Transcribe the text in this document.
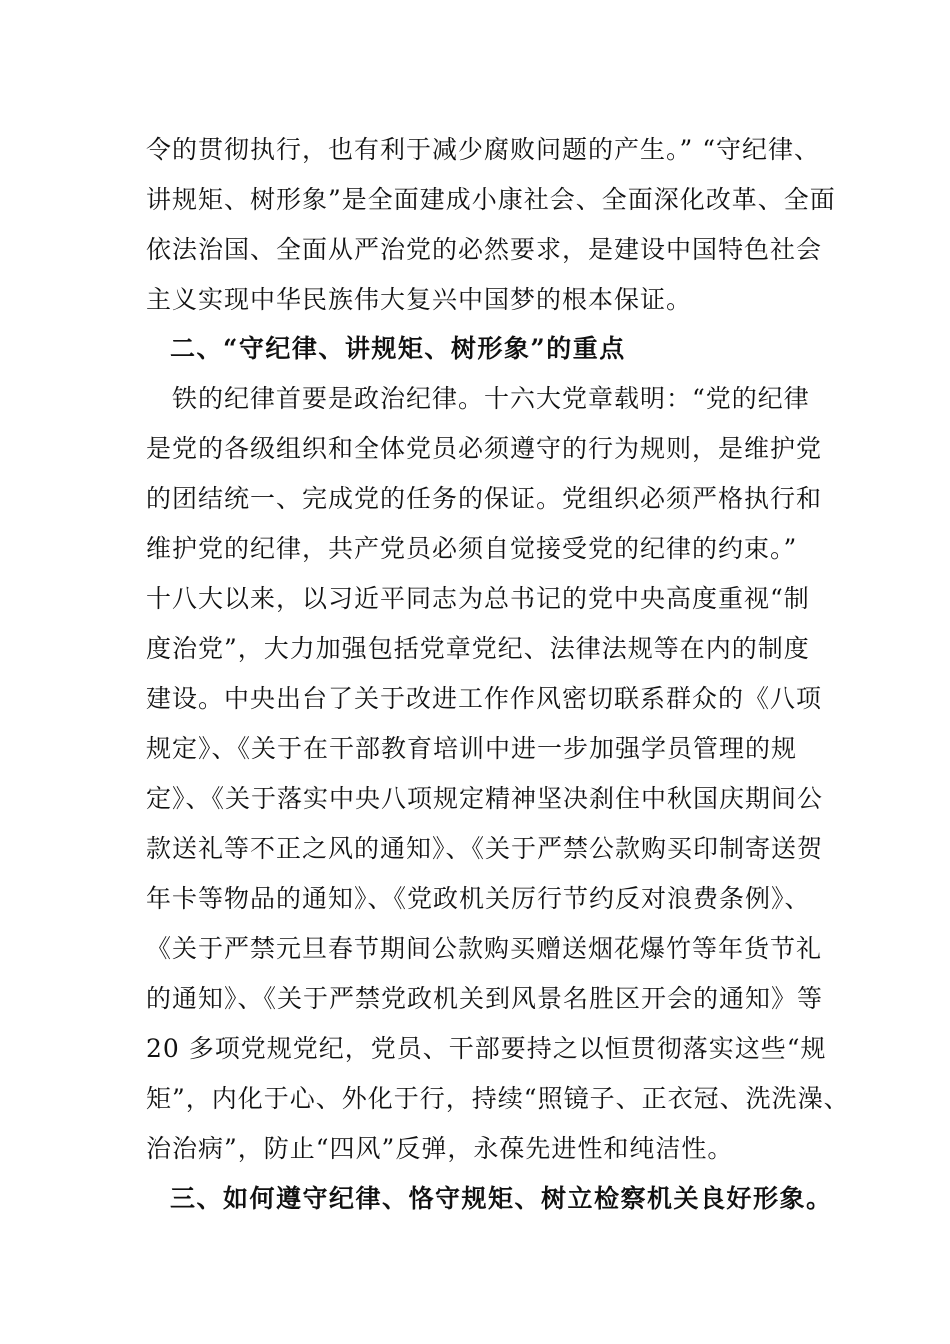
令的贯彻执行，也有利于减少腐败问题的产生。” “守纪律、
讲规矩、树形象”是全面建成小康社会、全面深化改革、全面
依法治国、全面从严治党的必然要求，是建设中国特色社会
主义实现中华民族伟大复兴中国梦的根本保证。
二、“守纪律、讲规矩、树形象”的重点
铁的纪律首要是政治纪律。十六大党章载明：“党的纪律
是党的各级组织和全体党员必须遵守的行为规则，是维护党
的团结统一、完成党的任务的保证。党组织必须严格执行和
维护党的纪律，共产党员必须自觉接受党的纪律的约束。”
十八大以来，以习近平同志为总书记的党中央高度重视“制
度治党”，大力加强包括党章党纪、法律法规等在内的制度
建设。中央出台了关于改进工作作风密切联系群众的《八项
规定》、《关于在干部教育培训中进一步加强学员管理的规
定》、《关于落实中央八项规定精神坚决刹住中秋国庆期间公
款送礼等不正之风的通知》、《关于严禁公款购买印制寄送贺
年卡等物品的通知》、《党政机关厉行节约反对浪费条例》、
《关于严禁元旦春节期间公款购买赠送烟花爆竹等年货节礼
的通知》、《关于严禁党政机关到风景名胜区开会的通知》等
20 多项党规党纪，党员、干部要持之以恒贯彻落实这些“规
矩”，内化于心、外化于行，持续“照镜子、正衣冠、洗洗澡、
治治病”，防止“四风”反弹，永葆先进性和纯洁性。
三、如何遵守纪律、恪守规矩、树立检察机关良好形象。
